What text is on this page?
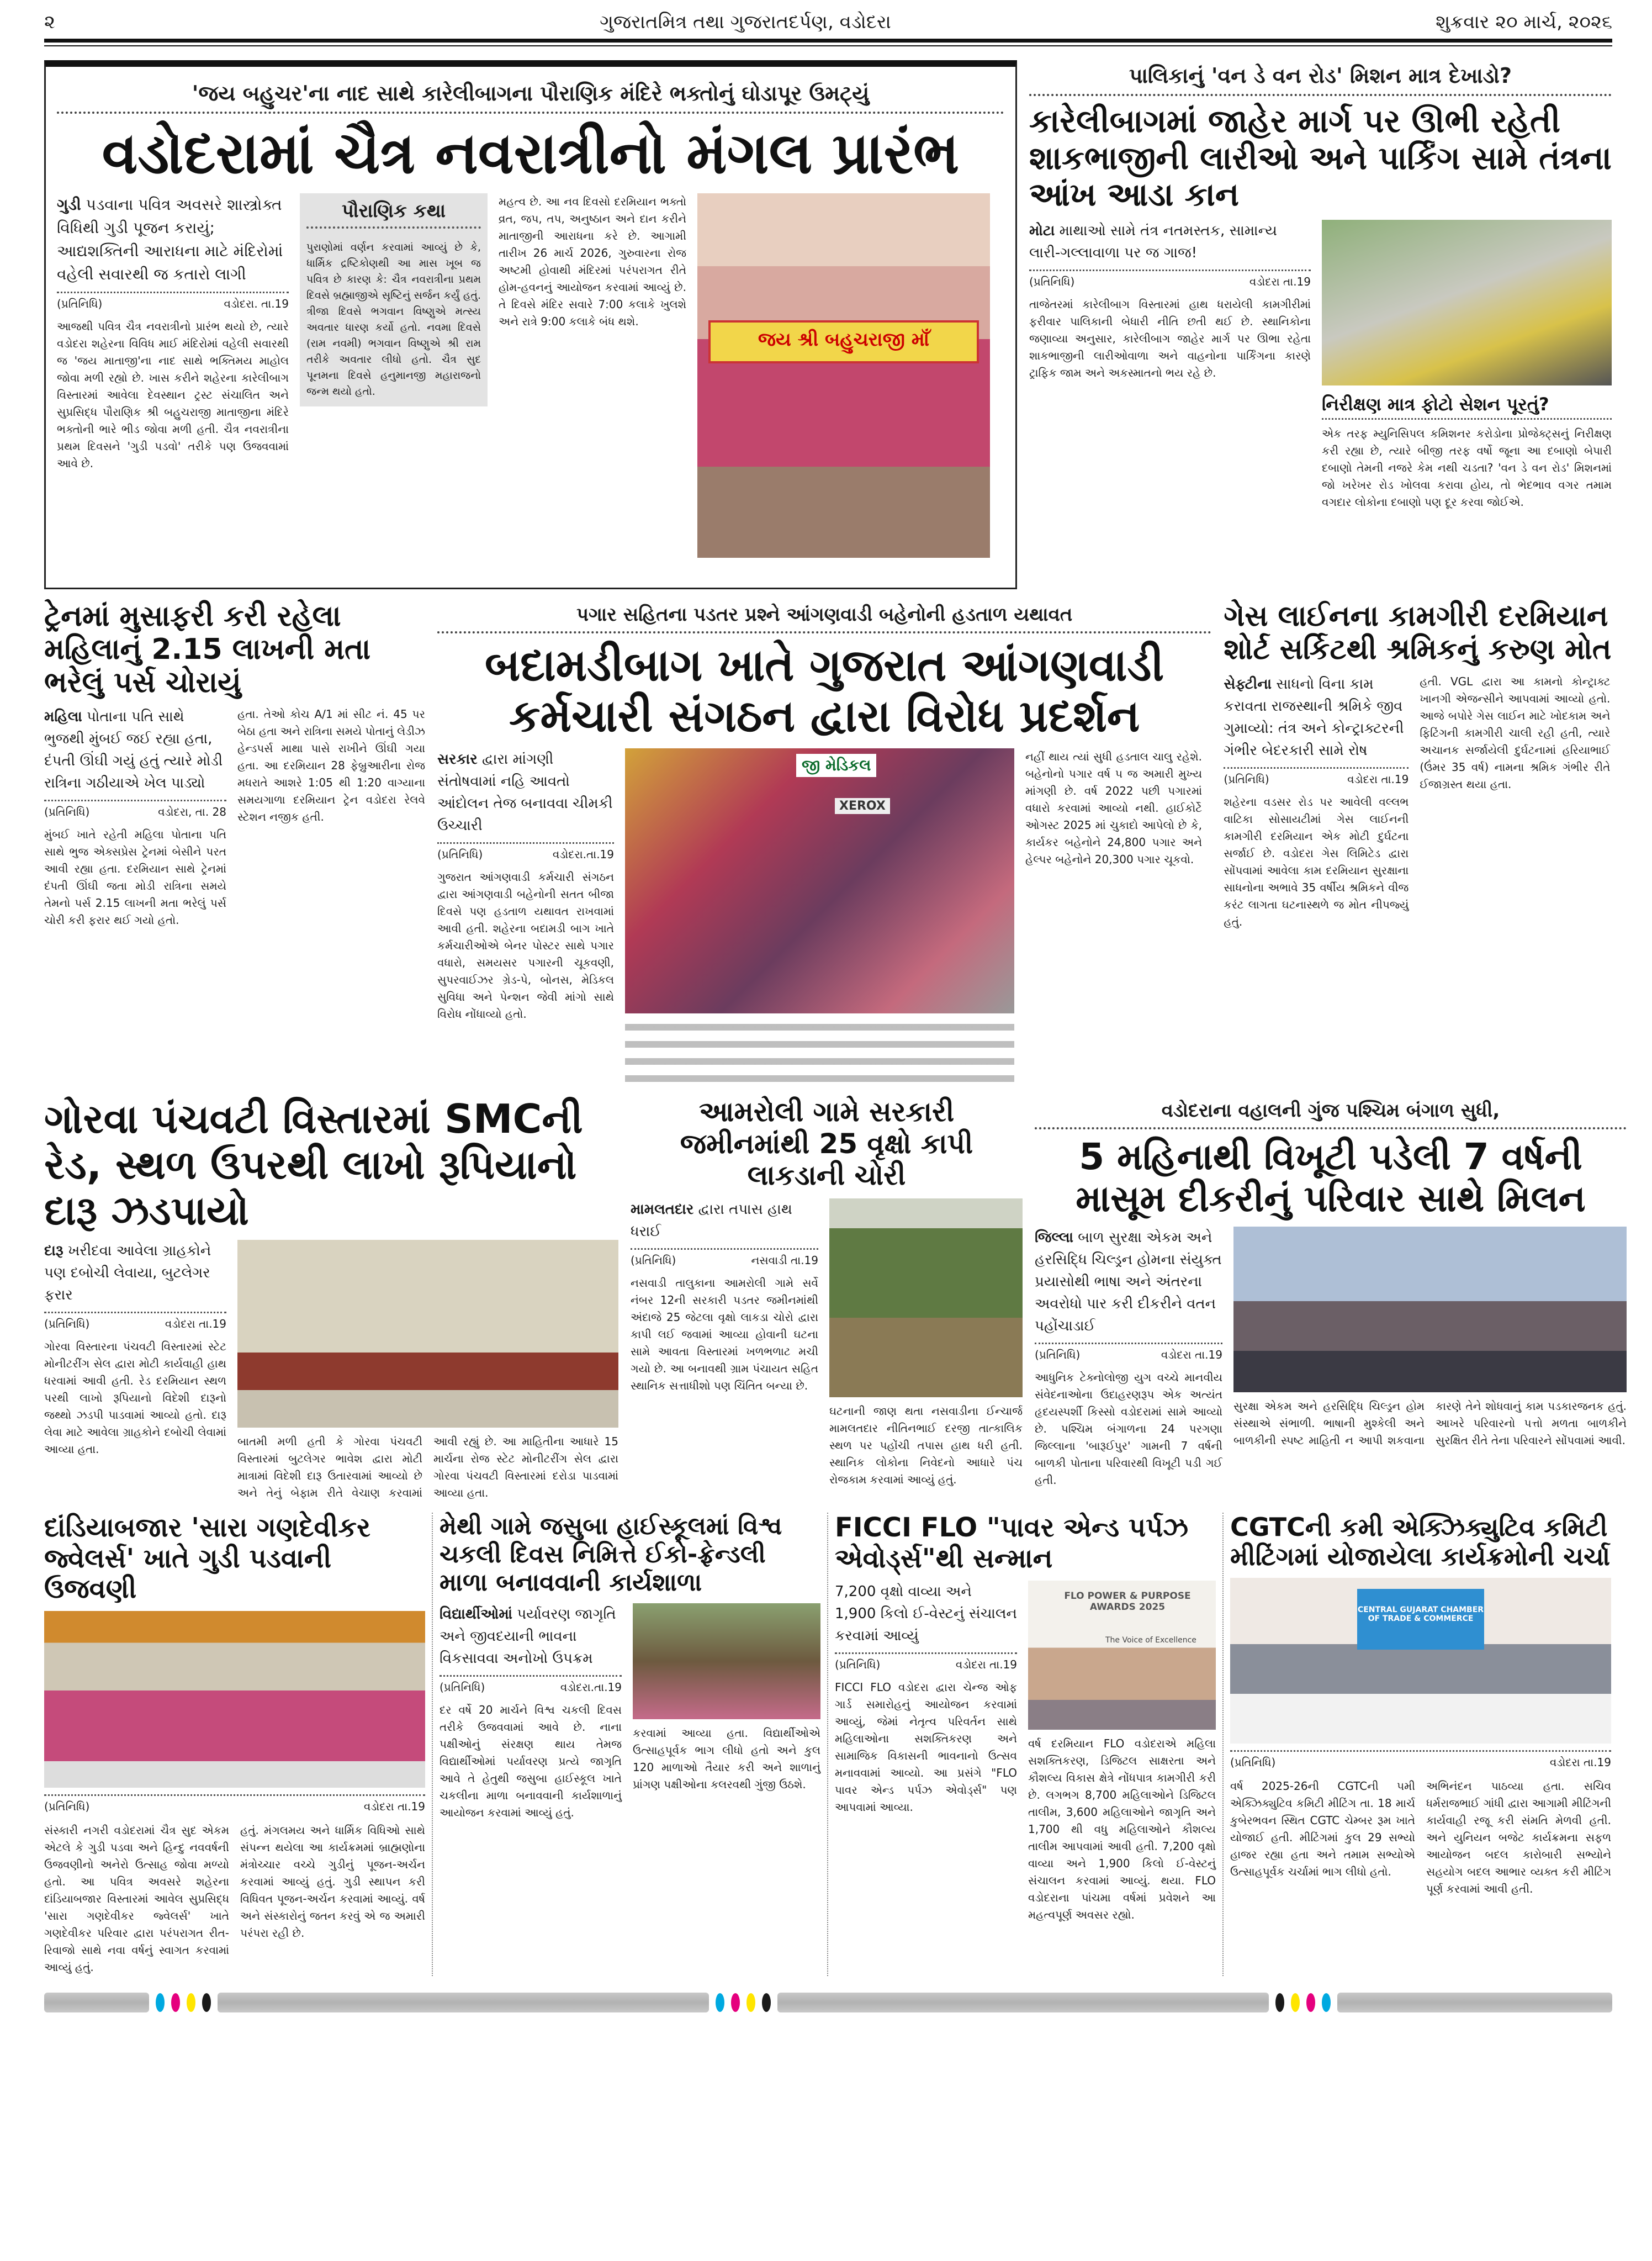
૨	ગુજરાતમિત્ર તથા ગુજરાતદર્પણ, વડોદરા	શુક્રવાર ૨૦ માર્ચ, ૨૦૨૬
'જય બહુચર'ના નાદ સાથે કારેલીબાગના પૌરાણિક મંદિરે ભક્તોનું ઘોડાપૂર ઉમટ્યું
વડોદરામાં ચૈત્ર નવરાત્રીનો મંગલ પ્રારંભ
ગુડી પડવાના પવિત્ર અવસરે શાસ્ત્રોક્ત વિધિથી ગુડી પૂજન કરાયું; આદ્યશક્તિની આરાધના માટે મંદિરોમાં વહેલી સવારથી જ કતારો લાગી
(પ્રતિનિધિ)	વડોદરા. તા.19
આજથી પવિત્ર ચૈત્ર નવરાત્રીનો પ્રારંભ થયો છે, ત્યારે વડોદરા શહેરના વિવિધ માઈ મંદિરોમાં વહેલી સવારથી જ 'જય માતાજી'ના નાદ સાથે ભક્તિમય માહોલ જોવા મળી રહ્યો છે. ખાસ કરીને શહેરના કારેલીબાગ વિસ્તારમાં આવેલા દેવસ્થાન ટ્રસ્ટ સંચાલિત અને સુપ્રસિદ્ધ પૌરાણિક શ્રી બહુચરાજી માતાજીના મંદિરે ભક્તોની ભારે ભીડ જોવા મળી હતી. ચૈત્ર નવરાત્રીના પ્રથમ દિવસને 'ગુડી પડવો' તરીકે પણ ઉજવવામાં આવે છે.
પૌરાણિક કથા
પુરાણોમાં વર્ણન કરવામાં આવ્યું છે કે, ધાર્મિક દ્રષ્ટિકોણથી આ માસ ખૂબ જ પવિત્ર છે કારણ કે: ચૈત્ર નવરાત્રીના પ્રથમ દિવસે બ્રહ્માજીએ સૃષ્ટિનું સર્જન કર્યું હતું. ત્રીજા દિવસે ભગવાન વિષ્ણુએ મત્સ્ય અવતાર ધારણ કર્યો હતો. નવમા દિવસે (રામ નવમી) ભગવાન વિષ્ણુએ શ્રી રામ તરીકે અવતાર લીધો હતો. ચૈત્ર સુદ પૂનમના દિવસે હનુમાનજી મહારાજનો જન્મ થયો હતો.
મહત્વ છે. આ નવ દિવસો દરમિયાન ભક્તો વ્રત, જપ, તપ, અનુષ્ઠાન અને દાન કરીને માતાજીની આરાધના કરે છે. આગામી તારીખ 26 માર્ચ 2026, ગુરુવારના રોજ અષ્ટમી હોવાથી મંદિરમાં પરંપરાગત રીતે હોમ-હવનનું આયોજન કરવામાં આવ્યું છે. તે દિવસે મંદિર સવારે 7:00 કલાકે ખુલશે અને રાત્રે 9:00 કલાકે બંધ થશે.
જય શ્રી બહુચરાજી માઁ
પાલિકાનું 'વન ડે વન રોડ' મિશન માત્ર દેખાડો?
કારેલીબાગમાં જાહેર માર્ગ પર ઊભી રહેતી શાકભાજીની લારીઓ અને પાર્કિંગ સામે તંત્રના આંખ આડા કાન
મોટા માથાઓ સામે તંત્ર નતમસ્તક, સામાન્ય લારી-ગલ્લાવાળા પર જ ગાજ!
(પ્રતિનિધિ)	વડોદરા તા.19
તાજેતરમાં કારેલીબાગ વિસ્તારમાં હાથ ધરાયેલી કામગીરીમાં ફરીવાર પાલિકાની બેધારી નીતિ છતી થઈ છે. સ્થાનિકોના જણાવ્યા અનુસાર, કારેલીબાગ જાહેર માર્ગ પર ઊભા રહેતા શાકભાજીની લારીઓવાળા અને વાહનોના પાર્કિંગના કારણે ટ્રાફિક જામ અને અકસ્માતનો ભય રહે છે.
નિરીક્ષણ માત્ર ફોટો સેશન પૂરતું?
એક તરફ મ્યુનિસિપલ કમિશનર કરોડોના પ્રોજેક્ટ્સનું નિરીક્ષણ કરી રહ્યા છે, ત્યારે બીજી તરફ વર્ષો જૂના આ દબાણો બેપારી દબાણો તેમની નજરે કેમ નથી ચડતા? 'વન ડે વન રોડ' મિશનમાં જો ખરેખર રોડ ખોલવા કરાવા હોય, તો ભેદભાવ વગર તમામ વગદાર લોકોના દબાણો પણ દૂર કરવા જોઈએ.
ટ્રેનમાં મુસાફરી કરી રહેલા મહિલાનું 2.15 લાખની મતા ભરેલું પર્સ ચોરાયું
મહિલા પોતાના પતિ સાથે ભુજથી મુંબઈ જઈ રહ્યા હતા, દંપતી ઊંઘી ગયું હતું ત્યારે મોડી રાત્રિના ગઠીયાએ ખેલ પાડ્યો
(પ્રતિનિધિ)	વડોદરા, તા. 28
મુંબઈ ખાતે રહેતી મહિલા પોતાના પતિ સાથે ભુજ એક્સપ્રેસ ટ્રેનમાં બેસીને પરત આવી રહ્યા હતા. દરમિયાન સાથે ટ્રેનમાં દંપતી ઊંઘી જતા મોડી રાત્રિના સમયે તેમનો પર્સ 2.15 લાખની મતા ભરેલું પર્સ ચોરી કરી ફરાર થઈ ગયો હતો.
હતા. તેઓ કોચ A/1 માં સીટ નં. 45 પર બેઠા હતા અને રાત્રિના સમયે પોતાનું લેડીઝ હેન્ડપર્સ માથા પાસે રાખીને ઊંઘી ગયા હતા. આ દરમિયાન 28 ફેબ્રુઆરીના રોજ મધરાતે આશરે 1:05 થી 1:20 વાગ્યાના સમયગાળા દરમિયાન ટ્રેન વડોદરા રેલવે સ્ટેશન નજીક હતી.
પગાર સહિતના પડતર પ્રશ્ને આંગણવાડી બહેનોની હડતાળ યથાવત
બદામડીબાગ ખાતે ગુજરાત આંગણવાડી કર્મચારી સંગઠન દ્વારા વિરોધ પ્રદર્શન
સરકાર દ્વારા માંગણી સંતોષવામાં નહિ આવતો આંદોલન તેજ બનાવવા ચીમકી ઉચ્ચારી
(પ્રતિનિધિ)	વડોદરા.તા.19
ગુજરાત આંગણવાડી કર્મચારી સંગઠન દ્વારા આંગણવાડી બહેનોની સતત બીજા દિવસે પણ હડતાળ યથાવત રાખવામાં આવી હતી. શહેરના બદામડી બાગ ખાતે કર્મચારીઓએ બેનર પોસ્ટર સાથે પગાર વધારો, સમયસર પગારની ચૂકવણી, સુપરવાઈઝર ગ્રેડ-પે, બોનસ, મેડિકલ સુવિધા અને પેન્શન જેવી માંગો સાથે વિરોધ નોંધાવ્યો હતો.
જી મેડિકલ
XEROX
નહીં થાય ત્યાં સુધી હડતાલ ચાલુ રહેશે. બહેનોનો પગાર વર્ષ ૫ જ અમારી મુખ્ય માંગણી છે. વર્ષ 2022 પછી પગારમાં વધારો કરવામાં આવ્યો નથી. હાઈકોર્ટે ઓગસ્ટ 2025 માં ચુકાદો આપેલો છે કે, કાર્યકર બહેનોને 24,800 પગાર અને હેલ્પર બહેનોને 20,300 પગાર ચૂકવો.
ગેસ લાઈનના કામગીરી દરમિયાન શોર્ટ સર્કિટથી શ્રમિકનું કરુણ મોત
સેફ્ટીના સાધનો વિના કામ કરાવતા રાજસ્થાની શ્રમિકે જીવ ગુમાવ્યો: તંત્ર અને કોન્ટ્રાક્ટરની ગંભીર બેદરકારી સામે રોષ
(પ્રતિનિધિ)	વડોદરા તા.19
શહેરના વડસર રોડ પર આવેલી વલ્લભ વાટિકા સોસાયટીમાં ગેસ લાઈનની કામગીરી દરમિયાન એક મોટી દુર્ઘટના સર્જાઈ છે. વડોદરા ગેસ લિમિટેડ દ્વારા સોંપવામાં આવેલા કામ દરમિયાન સુરક્ષાના સાધનોના અભાવે 35 વર્ષીય શ્રમિકને વીજ કરંટ લાગતા ઘટનાસ્થળે જ મોત નીપજ્યું હતું.
હતી. VGL દ્વારા આ કામનો કોન્ટ્રાક્ટ ખાનગી એજન્સીને આપવામાં આવ્યો હતો. આજે બપોરે ગેસ લાઈન માટે ખોદકામ અને ફિટિંગની કામગીરી ચાલી રહી હતી, ત્યારે અચાનક સર્જાયેલી દુર્ઘટનામાં હરિયાભાઈ (ઉંમર 35 વર્ષ) નામના શ્રમિક ગંભીર રીતે ઈજાગ્રસ્ત થયા હતા.
ગોરવા પંચવટી વિસ્તારમાં SMCની રેડ, સ્થળ ઉપરથી લાખો રૂપિયાનો દારૂ ઝડપાયો
દારૂ ખરીદવા આવેલા ગ્રાહકોને પણ દબોચી લેવાયા, બુટલેગર ફરાર
(પ્રતિનિધિ)	વડોદરા તા.19
ગોરવા વિસ્તારના પંચવટી વિસ્તારમાં સ્ટેટ મોનીટરીંગ સેલ દ્વારા મોટી કાર્યવાહી હાથ ધરવામાં આવી હતી. રેડ દરમિયાન સ્થળ પરથી લાખો રૂપિયાનો વિદેશી દારૂનો જથ્થો ઝડપી પાડવામાં આવ્યો હતો. દારૂ લેવા માટે આવેલા ગ્રાહકોને દબોચી લેવામાં આવ્યા હતા.
બાતમી મળી હતી કે ગોરવા પંચવટી વિસ્તારમાં બુટલેગર ભાવેશ દ્વારા મોટી માત્રામાં વિદેશી દારૂ ઉતારવામાં આવ્યો છે અને તેનું બેફામ રીતે વેચાણ કરવામાં આવી રહ્યું છે. આ માહિતીના આધારે 15 માર્ચના રોજ સ્ટેટ મોનીટરીંગ સેલ દ્વારા ગોરવા પંચવટી વિસ્તારમાં દરોડા પાડવામાં આવ્યા હતા.
આમરોલી ગામે સરકારી જમીનમાંથી 25 વૃક્ષો કાપી લાકડાની ચોરી
મામલતદાર દ્વારા તપાસ હાથ ધરાઈ
(પ્રતિનિધિ)	નસવાડી તા.19
નસવાડી તાલુકાના આમરોલી ગામે સર્વે નંબર 12ની સરકારી પડતર જમીનમાંથી અંદાજે 25 જેટલા વૃક્ષો લાકડા ચોરો દ્વારા કાપી લઈ જવામાં આવ્યા હોવાની ઘટના સામે આવતા વિસ્તારમાં ખળભળાટ મચી ગયો છે. આ બનાવથી ગ્રામ પંચાયત સહિત સ્થાનિક સત્તાધીશો પણ ચિંતિત બન્યા છે.
ઘટનાની જાણ થતા નસવાડીના ઈન્ચાર્જ મામલતદાર નીતિનભાઈ દરજી તાત્કાલિક સ્થળ પર પહોંચી તપાસ હાથ ધરી હતી. સ્થાનિક લોકોના નિવેદનો આધારે પંચ રોજકામ કરવામાં આવ્યું હતું.
વડોદરાના વહાલની ગુંજ પશ્ચિમ બંગાળ સુધી,
5 મહિનાથી વિખૂટી પડેલી 7 વર્ષની માસૂમ દીકરીનું પરિવાર સાથે મિલન
જિલ્લા બાળ સુરક્ષા એકમ અને હરસિદ્ધિ ચિલ્ડ્રન હોમના સંયુક્ત પ્રયાસોથી ભાષા અને અંતરના અવરોધો પાર કરી દીકરીને વતન પહોંચાડાઈ
(પ્રતિનિધિ)	વડોદરા તા.19
આધુનિક ટેક્નોલોજી યુગ વચ્ચે માનવીય સંવેદનાઓના ઉદાહરણરૂપ એક અત્યંત હૃદયસ્પર્શી કિસ્સો વડોદરામાં સામે આવ્યો છે. પશ્ચિમ બંગાળના 24 પરગણા જિલ્લાના 'બારૂઈપુર' ગામની 7 વર્ષની બાળકી પોતાના પરિવારથી વિખૂટી પડી ગઈ હતી.
સુરક્ષા એકમ અને હરસિદ્ધિ ચિલ્ડ્રન હોમ સંસ્થાએ સંભાળી. ભાષાની મુશ્કેલી અને બાળકીની સ્પષ્ટ માહિતી ન આપી શકવાના કારણે તેને શોધવાનું કામ પડકારજનક હતું. આખરે પરિવારનો પત્તો મળતા બાળકીને સુરક્ષિત રીતે તેના પરિવારને સોંપવામાં આવી.
દાંડિયાબજાર 'સારા ગણદેવીકર જ્વેલર્સ' ખાતે ગુડી પડવાની ઉજવણી
(પ્રતિનિધિ)	વડોદરા તા.19

સંસ્કારી નગરી વડોદરામાં ચૈત્ર સુદ એકમ એટલે કે ગુડી પડવા અને હિન્દુ નવવર્ષની ઉજવણીનો અનેરો ઉત્સાહ જોવા મળ્યો હતો. આ પવિત્ર અવસરે શહેરના દાંડિયાબજાર વિસ્તારમાં આવેલ સુપ્રસિદ્ધ 'સારા ગણદેવીકર જ્વેલર્સ' ખાતે ગણદેવીકર પરિવાર દ્વારા પરંપરાગત રીત-રિવાજો સાથે નવા વર્ષનું સ્વાગત કરવામાં આવ્યું હતું.

હતું. મંગલમય અને ધાર્મિક વિધિઓ સાથે સંપન્ન થયેલા આ કાર્યક્રમમાં બ્રાહ્મણોના મંત્રોચ્ચાર વચ્ચે ગુડીનું પૂજન-અર્ચન કરવામાં આવ્યું હતું. ગુડી સ્થાપન કરી વિધિવત પૂજન-અર્ચન કરવામાં આવ્યું. વર્ષ અને સંસ્કારોનું જતન કરવું એ જ અમારી પરંપરા રહી છે.

મેથી ગામે જસુબા હાઈસ્કૂલમાં વિશ્વ ચકલી દિવસ નિમિત્તે ઈકો-ફ્રેન્ડલી માળા બનાવવાની કાર્યશાળા
વિદ્યાર્થીઓમાં પર્યાવરણ જાગૃતિ અને જીવદયાની ભાવના વિકસાવવા અનોખો ઉપક્રમ
(પ્રતિનિધિ)	વડોદરા.તા.19
દર વર્ષે 20 માર્ચને વિશ્વ ચકલી દિવસ તરીકે ઉજવવામાં આવે છે. નાના પક્ષીઓનું સંરક્ષણ થાય તેમજ વિદ્યાર્થીઓમાં પર્યાવરણ પ્રત્યે જાગૃતિ આવે તે હેતુથી જસુબા હાઈસ્કૂલ ખાતે ચકલીના માળા બનાવવાની કાર્યશાળાનું આયોજન કરવામાં આવ્યું હતું.
કરવામાં આવ્યા હતા. વિદ્યાર્થીઓએ ઉત્સાહપૂર્વક ભાગ લીધો હતો અને કુલ 120 માળાઓ તૈયાર કરી અને શાળાનું પ્રાંગણ પક્ષીઓના કલરવથી ગુંજી ઉઠશે.
FICCI FLO "પાવર એન્ડ પર્પઝ એવોર્ડ્સ"થી સન્માન
7,200 વૃક્ષો વાવ્યા અને 1,900 કિલો ઈ-વેસ્ટનું સંચાલન કરવામાં આવ્યું
(પ્રતિનિધિ)	વડોદરા તા.19
FICCI FLO વડોદરા દ્વારા ચેન્જ ઓફ ગાર્ડ સમારોહનું આયોજન કરવામાં આવ્યું, જેમાં નેતૃત્વ પરિવર્તન સાથે મહિલાઓના સશક્તિકરણ અને સામાજિક વિકાસની ભાવનાનો ઉત્સવ મનાવવામાં આવ્યો. આ પ્રસંગે "FLO પાવર એન્ડ પર્પઝ એવોર્ડ્સ" પણ આપવામાં આવ્યા.
FLO POWER & PURPOSE AWARDS 2025
The Voice of Excellence
વર્ષ દરમિયાન FLO વડોદરાએ મહિલા સશક્તિકરણ, ડિજિટલ સાક્ષરતા અને કૌશલ્ય વિકાસ ક્ષેત્રે નોંધપાત્ર કામગીરી કરી છે. લગભગ 8,700 મહિલાઓને ડિજિટલ તાલીમ, 3,600 મહિલાઓને જાગૃતિ અને 1,700 થી વધુ મહિલાઓને કૌશલ્ય તાલીમ આપવામાં આવી હતી. 7,200 વૃક્ષો વાવ્યા અને 1,900 કિલો ઈ-વેસ્ટનું સંચાલન કરવામાં આવ્યું. થયા. FLO વડોદરાના પાંચમા વર્ષમાં પ્રવેશને આ મહત્વપૂર્ણ અવસર રહ્યો.
CGTCની કમી એક્ઝિક્યુટિવ કમિટી મીટિંગમાં યોજાયેલા કાર્યક્રમોની ચર્ચા
CENTRAL GUJARAT CHAMBER OF TRADE & COMMERCE
(પ્રતિનિધિ)	વડોદરા તા.19

વર્ષ 2025-26ની CGTCની ૫મી એક્ઝિક્યુટિવ કમિટી મીટિંગ તા. 18 માર્ચ કુબેરભવન સ્થિત CGTC ચેમ્બર રૂમ ખાતે યોજાઈ હતી. મીટિંગમાં કુલ 29 સભ્યો હાજર રહ્યા હતા અને તમામ સભ્યોએ ઉત્સાહપૂર્વક ચર્ચામાં ભાગ લીધો હતો.

અભિનંદન પાઠવ્યા હતા. સચિવ ધર્મરાજભાઈ ગાંધી દ્વારા આગામી મીટિંગની કાર્યવાહી રજૂ કરી સંમતિ મેળવી હતી. અને યુનિયન બજેટ કાર્યક્રમના સફળ આયોજન બદલ કારોબારી સભ્યોને સહયોગ બદલ આભાર વ્યક્ત કરી મીટિંગ પૂર્ણ કરવામાં આવી હતી.
